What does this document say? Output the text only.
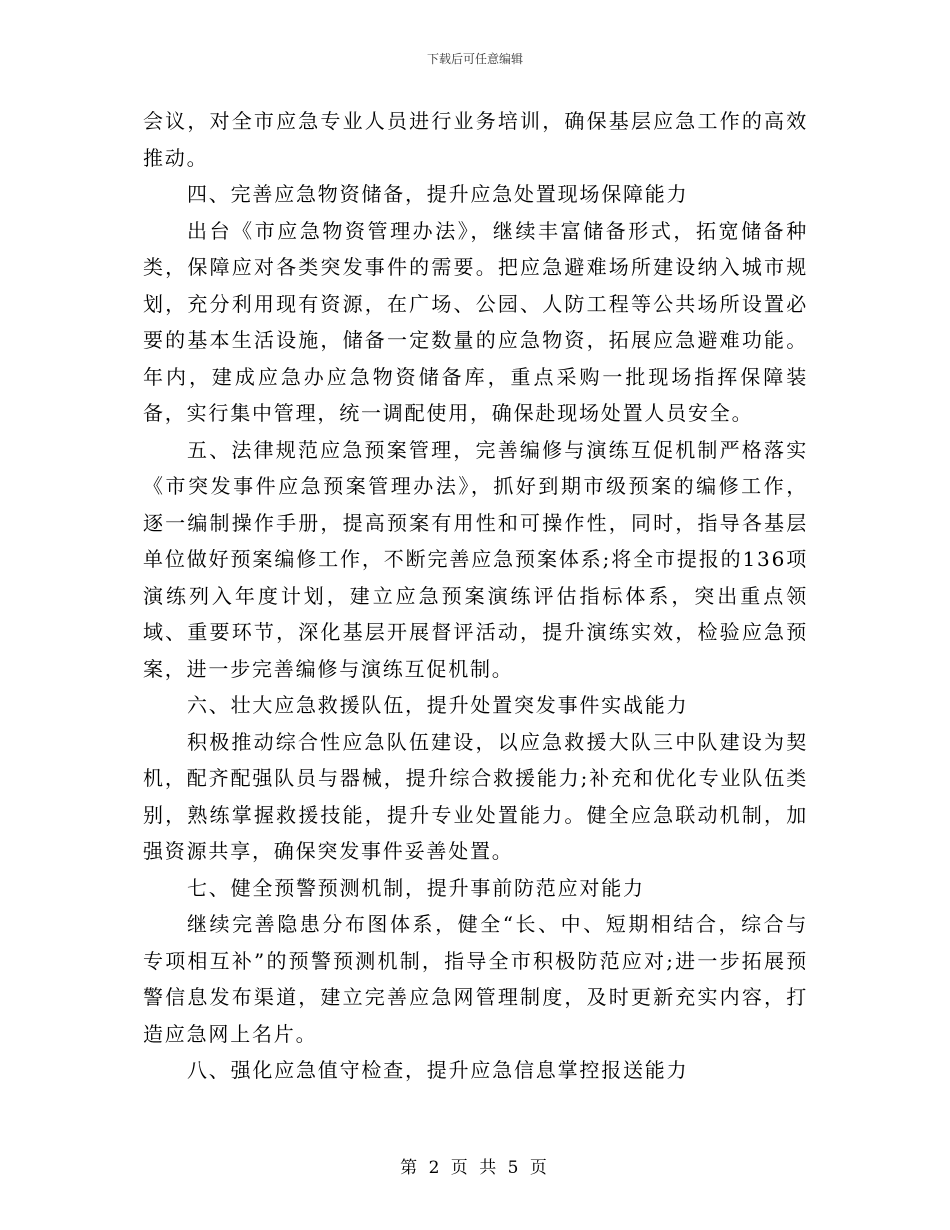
下载后可任意编辑

会议，对全市应急专业人员进行业务培训，确保基层应急工作的高效推动。

四、完善应急物资储备，提升应急处置现场保障能力

出台《市应急物资管理办法》，继续丰富储备形式，拓宽储备种类，保障应对各类突发事件的需要。把应急避难场所建设纳入城市规划，充分利用现有资源，在广场、公园、人防工程等公共场所设置必要的基本生活设施，储备一定数量的应急物资，拓展应急避难功能。年内，建成应急办应急物资储备库，重点采购一批现场指挥保障装备，实行集中管理，统一调配使用，确保赴现场处置人员安全。

五、法律规范应急预案管理，完善编修与演练互促机制严格落实《市突发事件应急预案管理办法》，抓好到期市级预案的编修工作，逐一编制操作手册，提高预案有用性和可操作性，同时，指导各基层单位做好预案编修工作，不断完善应急预案体系;将全市提报的136项演练列入年度计划，建立应急预案演练评估指标体系，突出重点领域、重要环节，深化基层开展督评活动，提升演练实效，检验应急预案，进一步完善编修与演练互促机制。

六、壮大应急救援队伍，提升处置突发事件实战能力

积极推动综合性应急队伍建设，以应急救援大队三中队建设为契机，配齐配强队员与器械，提升综合救援能力;补充和优化专业队伍类别，熟练掌握救援技能，提升专业处置能力。健全应急联动机制，加强资源共享，确保突发事件妥善处置。

七、健全预警预测机制，提升事前防范应对能力

继续完善隐患分布图体系，健全“长、中、短期相结合，综合与专项相互补”的预警预测机制，指导全市积极防范应对;进一步拓展预警信息发布渠道，建立完善应急网管理制度，及时更新充实内容，打造应急网上名片。

八、强化应急值守检查，提升应急信息掌控报送能力

第 2 页 共 5 页
